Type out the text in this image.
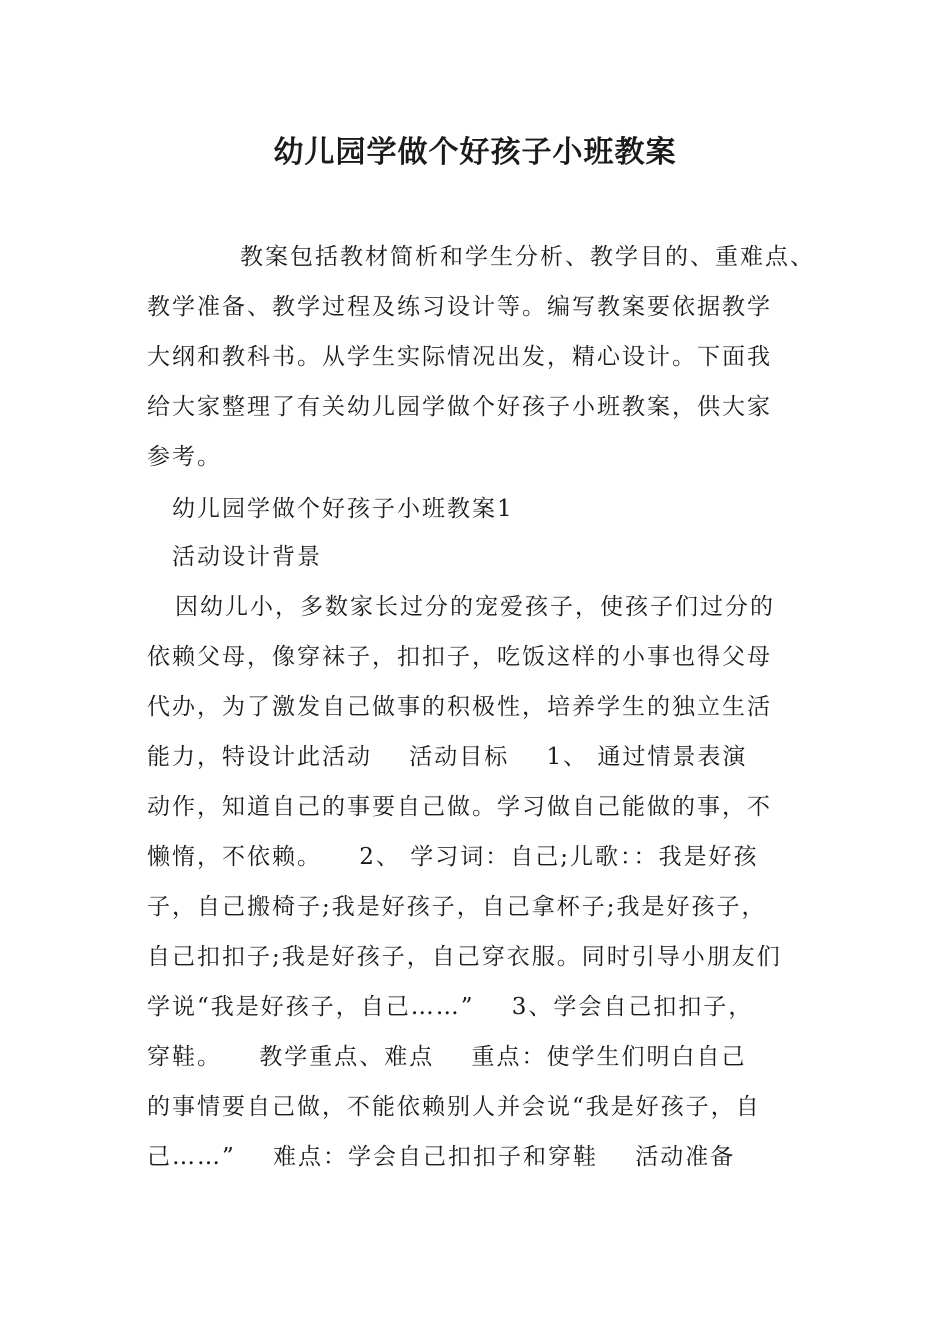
幼儿园学做个好孩子小班教案

教案包括教材简析和学生分析、教学目的、重难点、

教学准备、教学过程及练习设计等。编写教案要依据教学

大纲和教科书。从学生实际情况出发，精心设计。下面我

给大家整理了有关幼儿园学做个好孩子小班教案，供大家

参考。

幼儿园学做个好孩子小班教案1

活动设计背景

因幼儿小，多数家长过分的宠爱孩子，使孩子们过分的

依赖父母，像穿袜子，扣扣子，吃饭这样的小事也得父母

代办，为了激发自己做事的积极性，培养学生的独立生活

能力，特设计此活动    活动目标    1、 通过情景表演

动作，知道自己的事要自己做。学习做自己能做的事，不

懒惰，不依赖。    2、 学习词：自己;儿歌：：我是好孩

子，自己搬椅子;我是好孩子，自己拿杯子;我是好孩子，

自己扣扣子;我是好孩子，自己穿衣服。同时引导小朋友们

学说“我是好孩子，自己……”    3、学会自己扣扣子，

穿鞋。    教学重点、难点    重点：使学生们明白自己

的事情要自己做，不能依赖别人并会说“我是好孩子，自

己……”    难点：学会自己扣扣子和穿鞋    活动准备
